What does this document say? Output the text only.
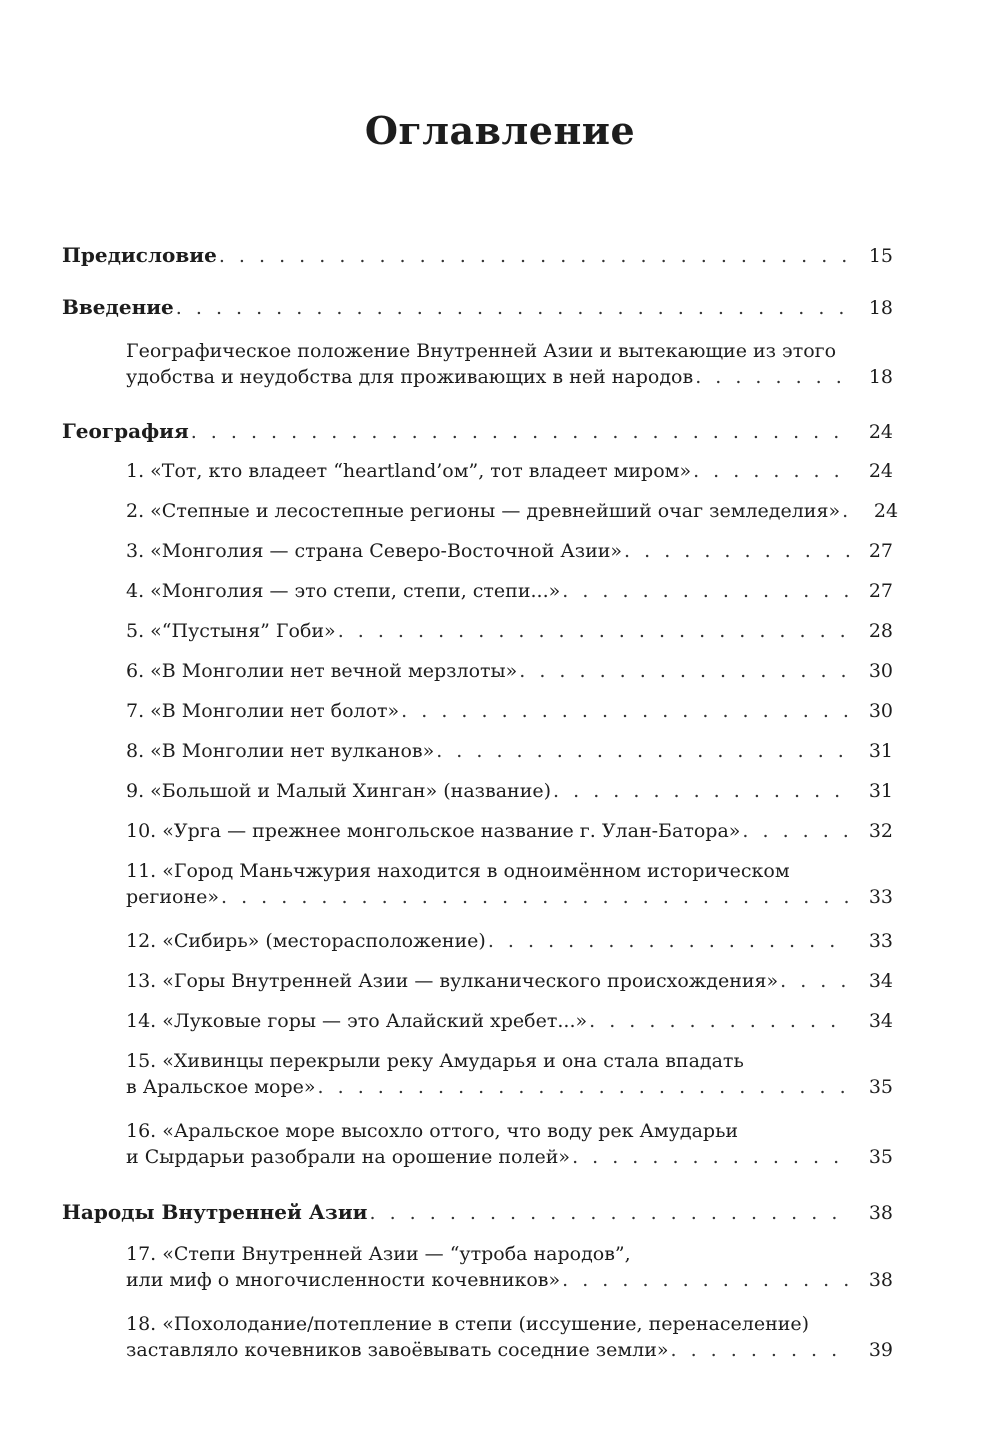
Оглавление
Предисловие . . .	15
Введение . . .	18
Географическое положение Внутренней Азии и вытекающие из этого
удобства и неудобства для проживающих в ней народов . . .	18
География . . .	24
1. «Тот, кто владеет “heartland’ом”, тот владеет миром» . . .	24
2. «Степные и лесостепные регионы — древнейший очаг земледелия» . . .	24
3. «Монголия — страна Северо-Восточной Азии» . . .	27
4. «Монголия — это степи, степи, степи...» . . .	27
5. «“Пустыня” Гоби» . . .	28
6. «В Монголии нет вечной мерзлоты» . . .	30
7. «В Монголии нет болот» . . .	30
8. «В Монголии нет вулканов» . . .	31
9. «Большой и Малый Хинган» (название) . . .	31
10. «Урга — прежнее монгольское название г. Улан-Батора» . . .	32
11. «Город Маньчжурия находится в одноимённом историческом
регионе» . . .	33
12. «Сибирь» (месторасположение) . . .	33
13. «Горы Внутренней Азии — вулканического происхождения» . . .	34
14. «Луковые горы — это Алайский хребет...» . . .	34
15. «Хивинцы перекрыли реку Амударья и она стала впадать
в Аральское море» . . .	35
16. «Аральское море высохло оттого, что воду рек Амударьи
и Сырдарьи разобрали на орошение полей» . . .	35
Народы Внутренней Азии . . .	38
17. «Степи Внутренней Азии — “утроба народов”,
или миф о многочисленности кочевников» . . .	38
18. «Похолодание/потепление в степи (иссушение, перенаселение)
заставляло кочевников завоёвывать соседние земли» . . .	39
